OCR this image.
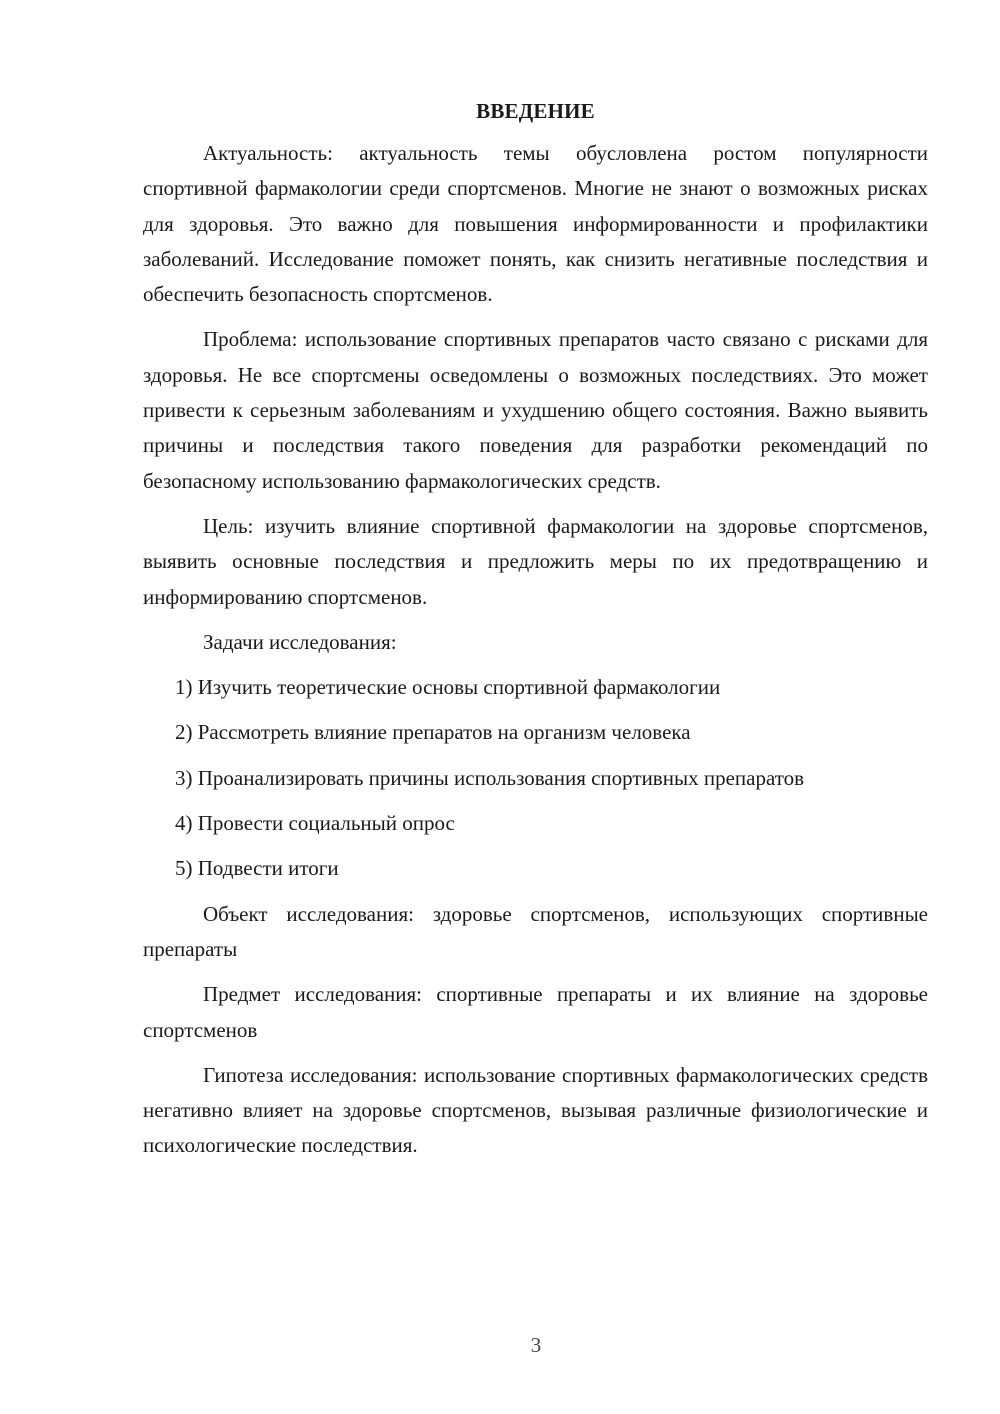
ВВЕДЕНИЕ

Актуальность: актуальность темы обусловлена ростом популярности спортивной фармакологии среди спортсменов. Многие не знают о возможных рисках для здоровья. Это важно для повышения информированности и профилактики заболеваний. Исследование поможет понять, как снизить негативные последствия и обеспечить безопасность спортсменов.

Проблема: использование спортивных препаратов часто связано с рисками для здоровья. Не все спортсмены осведомлены о возможных последствиях. Это может привести к серьезным заболеваниям и ухудшению общего состояния. Важно выявить причины и последствия такого поведения для разработки рекомендаций по безопасному использованию фармакологических средств.

Цель: изучить влияние спортивной фармакологии на здоровье спортсменов, выявить основные последствия и предложить меры по их предотвращению и информированию спортсменов.

Задачи исследования:

1) Изучить теоретические основы спортивной фармакологии

2) Рассмотреть влияние препаратов на организм человека

3) Проанализировать причины использования спортивных препаратов

4) Провести социальный опрос

5) Подвести итоги

Объект исследования: здоровье спортсменов, использующих спортивные препараты

Предмет исследования: спортивные препараты и их влияние на здоровье спортсменов

Гипотеза исследования: использование спортивных фармакологических средств негативно влияет на здоровье спортсменов, вызывая различные физиологические и психологические последствия.

3
